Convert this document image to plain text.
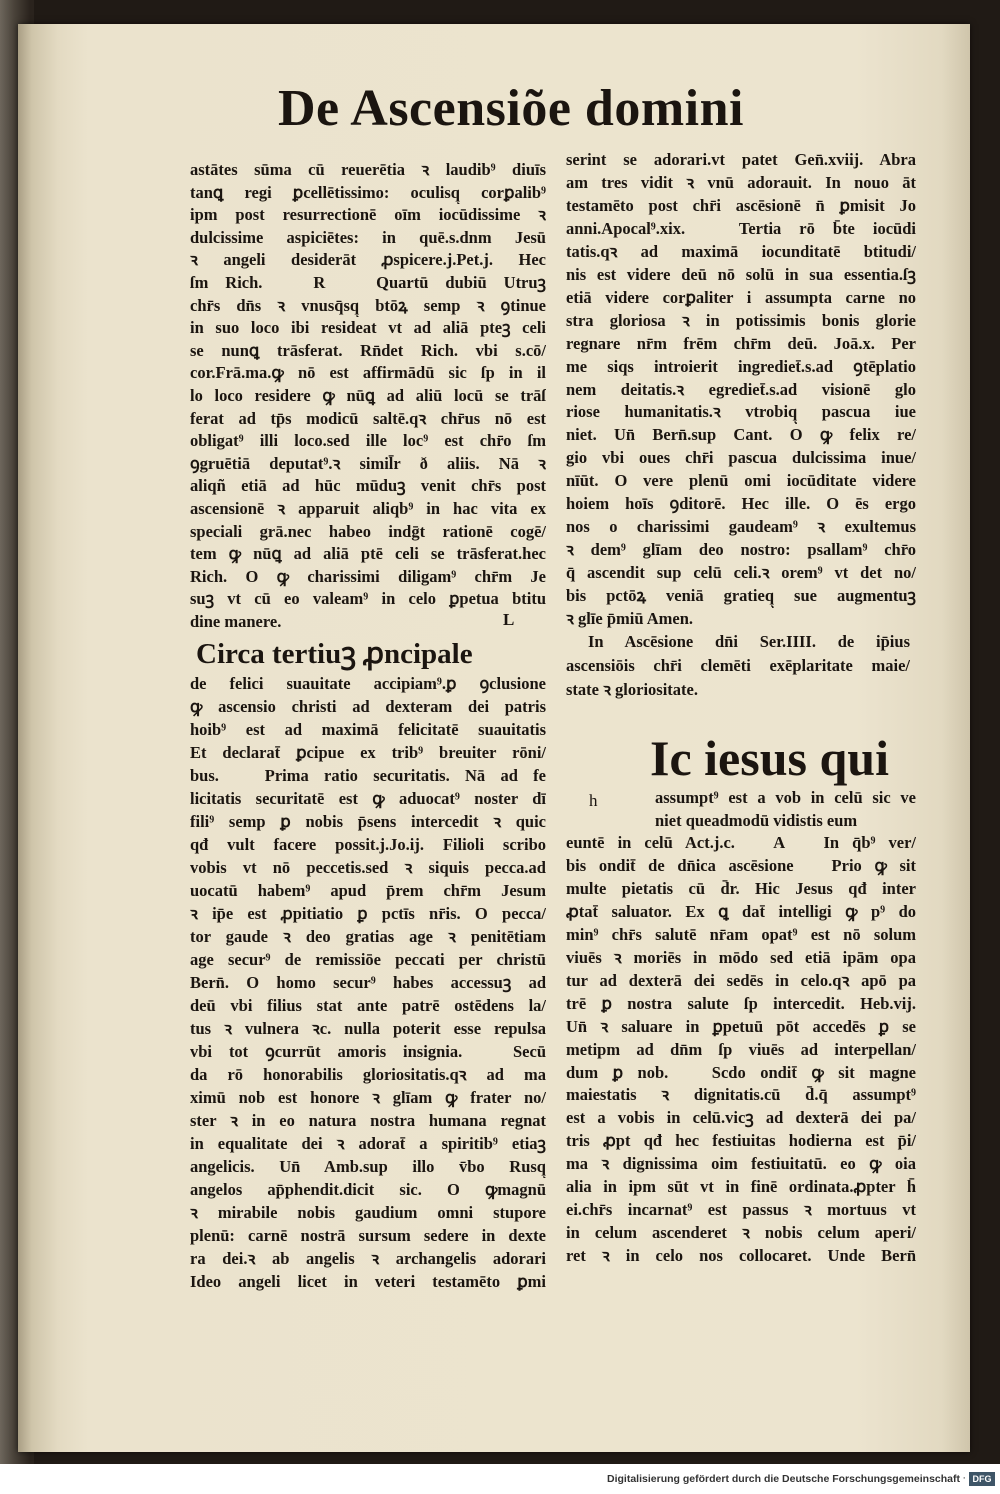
De Ascensiõe domini
astātes sūma cū reuerētia ꝛ laudib⁹ diuīs
tanꝗ regi ꝑcellētissimo: oculisq̧ corꝑalib⁹
ipm post resurrectionē oīm iocūdissime ꝛ
dulcissime aspiciētes: in quē.s.dnm Jesū
ꝛ angeli desiderāt ꝓspicere.j.Pet.j. Hec
ſm Rich.   R   Quartū dubiū Utruꝫ
chr̄s dn̄s ꝛ vnusq̄sq̧ btōꝝ semp ꝛ ꝯtinue
in suo loco ibi resideat vt ad aliā pteꝫ celi
se nunꝗ trāsferat. Rn̄det Rich. vbi s.cō/
cor.Frā.ma.ꝙ nō est affirmādū sic ſp in il
lo loco residere ꝙ nūꝗ ad aliū locū se trāſ
ferat ad tp̄s modicū saltē.qꝛ chr̄us nō est
obligat⁹ illi loco.sed ille loc⁹ est chr̄o ſm
ꝯgruētiā deputat⁹.ꝛ simil̄r ð aliis. Nā ꝛ
aliqñ etiā ad hūc mūduꝫ venit chr̄s post
ascensionē ꝛ apparuit aliqb⁹ in hac vita ex
speciali grā.nec habeo indḡt rationē cogē/
tem ꝙ nūꝗ ad aliā ptē celi se trāsferat.hec
Rich. O ꝙ charissimi diligam⁹ chr̄m Je
suꝫ vt cū eo valeam⁹ in celo ꝑpetua btitu
dine manere.	L
Circa tertiuꝫ ꝓncipale
de felici suauitate accipiam⁹.ꝑ ꝯclusione
ꝙ ascensio christi ad dexteram dei patris
hoib⁹ est ad maximā felicitatē suauitatis
Et declarat̄ ꝑcipue ex trib⁹ breuiter rōni/
bus.   Prima ratio securitatis. Nā ad fe
licitatis securitatē est ꝙ aduocat⁹ noster dī
fili⁹ semp ꝑ nobis p̄sens intercedit ꝛ quic
qđ vult facere possit.j.Jo.ij. Filioli scribo
vobis vt nō peccetis.sed ꝛ siquis pecca.ad
uocatū habem⁹ apud p̄rem chr̄m Jesum
ꝛ ip̄e est ꝓpitiatio ꝑ pctīs nr̄is. O pecca/
tor gaude ꝛ deo gratias age ꝛ penitētiam
age secur⁹ de remissiōe peccati per christū
Bern̄. O homo secur⁹ habes accessuꝫ ad
deū vbi filius stat ante patrē ostēdens la/
tus ꝛ vulnera ꝛc. nulla poterit esse repulsa
vbi tot ꝯcurrūt amoris insignia.   Secū
da rō honorabilis gloriositatis.qꝛ ad ma
ximū nob est honore ꝛ glīam ꝙ frater no/
ster ꝛ in eo natura nostra humana regnat
in equalitate dei ꝛ adorat̄ a spiritib⁹ etiaꝫ
angelicis. Un̄ Amb.sup illo v̄bo Rusq̧
angelos ap̄phendit.dicit sic. O ꝙmagnū
ꝛ mirabile nobis gaudium omni stupore
plenū: carnē nostrā sursum sedere in dexte
ra dei.ꝛ ab angelis ꝛ archangelis adorari
Ideo angeli licet in veteri testamēto ꝑmi
serint se adorari.vt patet Gen̄.xviij. Abra
am tres vidit ꝛ vnū adorauit. In nouo āt
testamēto post chr̄i ascēsionē n̄ ꝑmisit Jo
anni.Apocal⁹.xix.   Tertia rō b̄te iocūdi
tatis.qꝛ ad maximā iocunditatē btitudi/
nis est videre deū nō solū in sua essentia.ſꝫ
etiā videre corꝑaliter i assumpta carne no
stra gloriosa ꝛ in potissimis bonis glorie
regnare nr̄m frēm chr̄m deū. Joā.x. Per
me siqs introierit ingrediet̄.s.ad ꝯtēplatio
nem deitatis.ꝛ egrediet̄.s.ad visionē glo
riose humanitatis.ꝛ vtrobiq̧ pascua iue
niet. Un̄ Bern̄.sup Cant. O ꝙ felix re/
gio vbi oues chr̄i pascua dulcissima inue/
nīūt. O vere plenū omi iocūditate videre
hoiem hoīs ꝯditorē. Hec ille. O ēs ergo
nos o charissimi gaudeam⁹ ꝛ exultemus
ꝛ dem⁹ glīam deo nostro: psallam⁹ chr̄o
q̄ ascendit sup celū celi.ꝛ orem⁹ vt det no/
bis pctōꝝ veniā gratieq̧ sue augmentuꝫ
ꝛ glīe p̄miū Amen.
In Ascēsione dn̄i Ser.IIII. de ip̄ius
ascensiōis chr̄i clemēti exēplaritate maie/
state ꝛ gloriositate.
h
Ic iesus qui
assumpt⁹ est a vob in celū sic ve
niet queadmodū vidistis eum
euntē in celū Act.j.c.   A   In q̄b⁹ ver/
bis ondit̄ de dn̄ica ascēsione   Prio ꝙ sit
multe pietatis cū d̄r. Hic Jesus qđ inter
ꝓtat̄ saluator. Ex ꝗ dat̄ intelligi ꝙ p⁹ do
min⁹ chr̄s salutē nr̄am opat⁹ est nō solum
viuēs ꝛ moriēs in mōdo sed etiā ipām opa
tur ad dexterā dei sedēs in celo.qꝛ apō pa
trē ꝑ nostra salute ſp intercedit. Heb.vij.
Un̄ ꝛ saluare in ꝑpetuū pōt accedēs ꝑ se
metipm ad dn̄m ſp viuēs ad interpellan/
dum ꝑ nob.   Scdo ondit̄ ꝙ sit magne
maiestatis ꝛ dignitatis.cū d̄.q̄ assumpt⁹
est a vobis in celū.vicꝫ ad dexterā dei pa/
tris ꝓpt qđ hec festiuitas hodierna est p̄i/
ma ꝛ dignissima oim festiuitatū. eo ꝙ oia
alia in ipm sūt vt in finē ordinata.ꝓpter h̄
ei.chr̄s incarnat⁹ est passus ꝛ mortuus vt
in celum ascenderet ꝛ nobis celum aperi/
ret ꝛ in celo nos collocaret. Unde Bern̄
Digitalisierung gefördert durch die Deutsche Forschungsgemeinschaft · DFG
